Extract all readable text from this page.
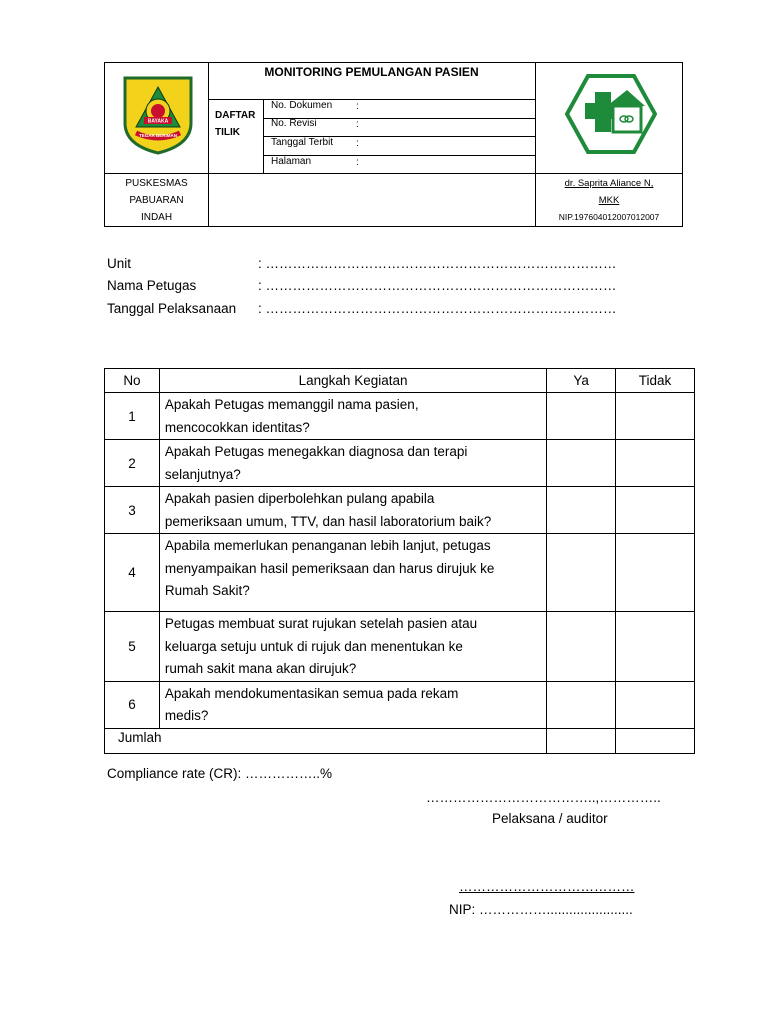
BAYAKA
TEGAR BERIMAN
MONITORING PEMULANGAN PASIEN
DAFTAR
TILIK
No. Dokumen :
No. Revisi	:
Tanggal Terbit :
Halaman	:
PUSKESMAS
PABUARAN
INDAH
dr. Saprita Aliance N,
MKK
NIP.197604012007012007
Unit	: ……………………………………………………………………
Nama Petugas	: ……………………………………………………………………
Tanggal Pelaksanaan : ……………………………………………………………………
No	Langkah Kegiatan	Ya	Tidak
1	Apakah Petugas memanggil nama pasien,
mencocokkan identitas?		

2	Apakah Petugas menegakkan diagnosa dan terapi
selanjutnya?		

3	Apakah pasien diperbolehkan pulang apabila
pemeriksaan umum, TTV, dan hasil laboratorium baik?		

4	Apabila memerlukan penanganan lebih lanjut, petugas
menyampaikan hasil pemeriksaan dan harus dirujuk ke
Rumah Sakit?		

5	Petugas membuat surat rujukan setelah pasien atau
keluarga setuju untuk di rujuk dan menentukan ke
rumah sakit mana akan dirujuk?		

6	Apakah mendokumentasikan semua pada rekam
medis?		

Jumlah			
Compliance rate (CR): ……………..%
………………………………..,…………..
Pelaksana / auditor
…………………………………
NIP: …………….......................
